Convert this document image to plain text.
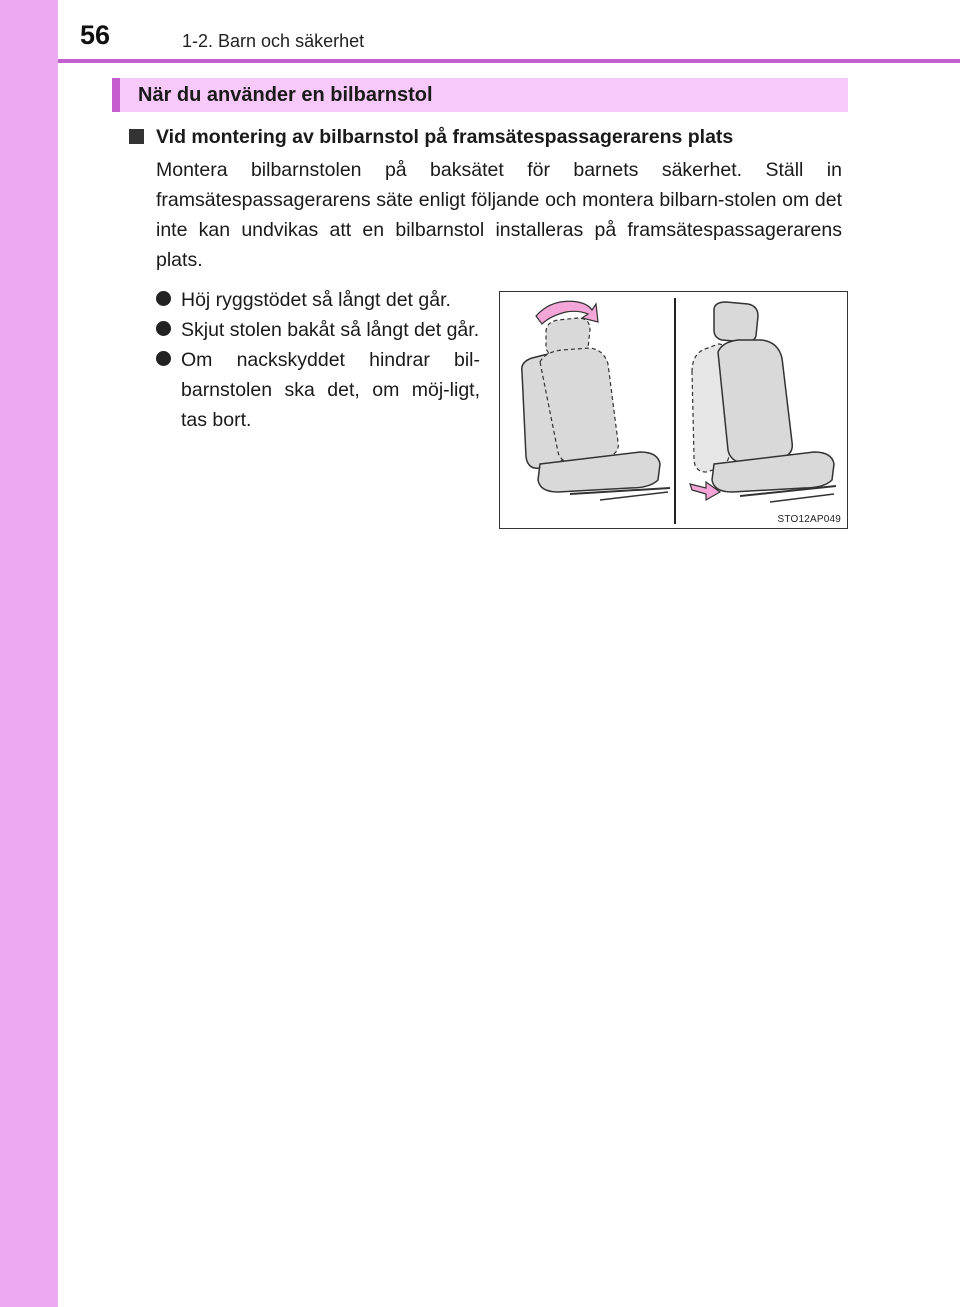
56	1-2. Barn och säkerhet
När du använder en bilbarnstol
Vid montering av bilbarnstol på framsätespassagerarens plats

Montera bilbarnstolen på baksätet för barnets säkerhet. Ställ in framsätespassagerarens säte enligt följande och montera bilbarn-stolen om det inte kan undvikas att en bilbarnstol installeras på framsätespassagerarens plats.

Höj ryggstödet så långt det går.
Skjut stolen bakåt så långt det går.
Om nackskyddet hindrar bil-barnstolen ska det, om möj-ligt, tas bort.
STO12AP049
